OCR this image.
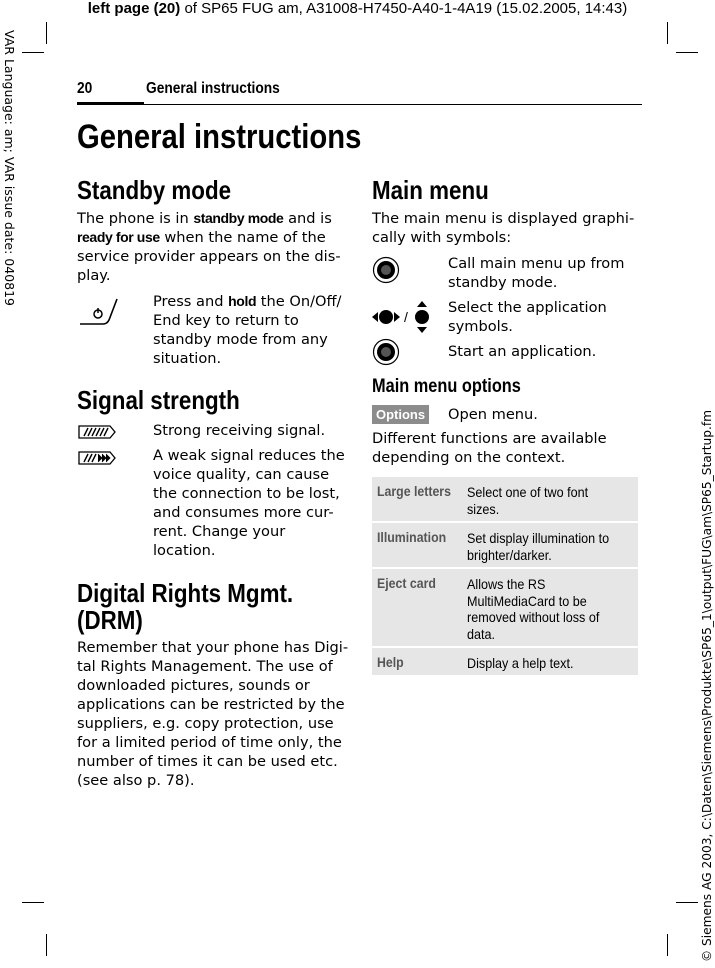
left page (20) of SP65 FUG am, A31008-H7450-A40-1-4A19 (15.02.2005, 14:43)
VAR Language: am; VAR issue date: 040819
© Siemens AG 2003, C:\Daten\Siemens\Produkte\SP65_1\output\FUG\am\SP65_Startup.fm
20	General instructions
General instructions
Standby mode
The phone is in standby mode and is
ready for use when the name of the service provider appears on the dis-play.
Press and hold the On/Off/ End key to return to standby mode from any situation.
Signal strength
Strong receiving signal.
A weak signal reduces the voice quality, can cause the connection to be lost, and consumes more cur-rent. Change your location.
Digital Rights Mgmt.
(DRM)
Remember that your phone has Digi-tal Rights Management. The use of downloaded pictures, sounds or applications can be restricted by the suppliers, e.g. copy protection, use for a limited period of time only, the number of times it can be used etc. (see also p. 78).
Main menu
The main menu is displayed graphi-cally with symbols:
Call main menu up from standby mode.
/
Select the application symbols.
Start an application.
Main menu options
Options Open menu.
Different functions are available depending on the context.
Large letters Select one of two font sizes.
Illumination Set display illumination to brighter/darker.
Eject card Allows the RS MultiMediaCard to be removed without loss of data.
Help	Display a help text.
